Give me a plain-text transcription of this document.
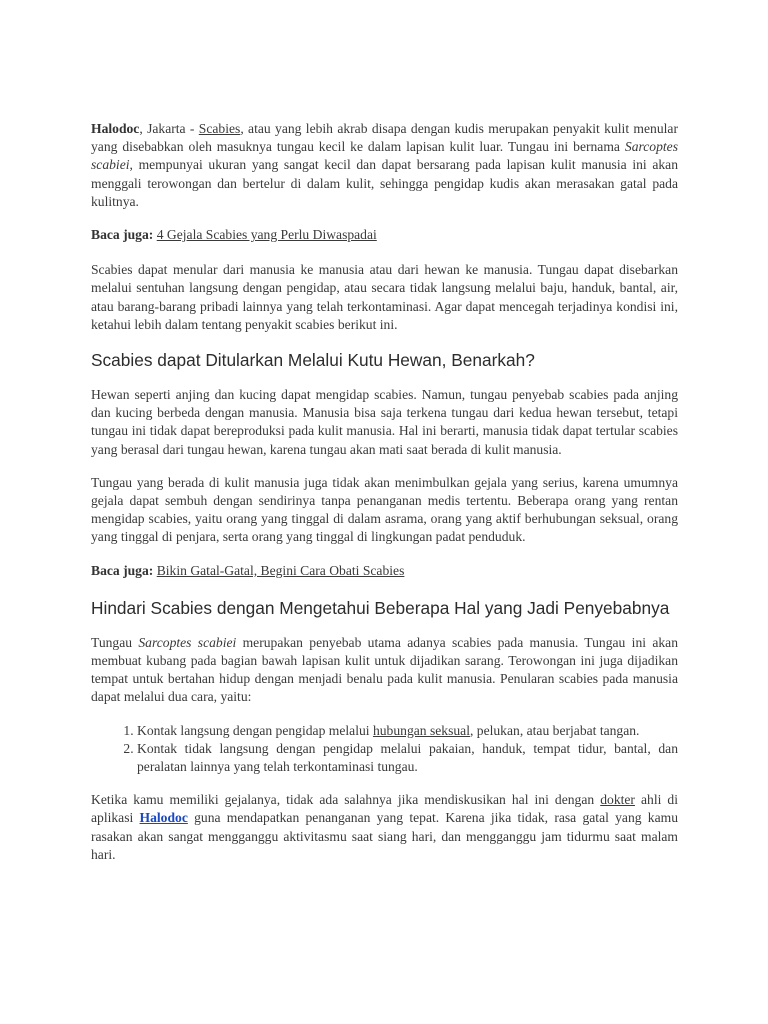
Halodoc, Jakarta - Scabies, atau yang lebih akrab disapa dengan kudis merupakan penyakit kulit menular yang disebabkan oleh masuknya tungau kecil ke dalam lapisan kulit luar. Tungau ini bernama Sarcoptes scabiei, mempunyai ukuran yang sangat kecil dan dapat bersarang pada lapisan kulit manusia ini akan menggali terowongan dan bertelur di dalam kulit, sehingga pengidap kudis akan merasakan gatal pada kulitnya.

Baca juga: 4 Gejala Scabies yang Perlu Diwaspadai

Scabies dapat menular dari manusia ke manusia atau dari hewan ke manusia. Tungau dapat disebarkan melalui sentuhan langsung dengan pengidap, atau secara tidak langsung melalui baju, handuk, bantal, air, atau barang-barang pribadi lainnya yang telah terkontaminasi. Agar dapat mencegah terjadinya kondisi ini, ketahui lebih dalam tentang penyakit scabies berikut ini.

Scabies dapat Ditularkan Melalui Kutu Hewan, Benarkah?

Hewan seperti anjing dan kucing dapat mengidap scabies. Namun, tungau penyebab scabies pada anjing dan kucing berbeda dengan manusia. Manusia bisa saja terkena tungau dari kedua hewan tersebut, tetapi tungau ini tidak dapat bereproduksi pada kulit manusia. Hal ini berarti, manusia tidak dapat tertular scabies yang berasal dari tungau hewan, karena tungau akan mati saat berada di kulit manusia.

Tungau yang berada di kulit manusia juga tidak akan menimbulkan gejala yang serius, karena umumnya gejala dapat sembuh dengan sendirinya tanpa penanganan medis tertentu. Beberapa orang yang rentan mengidap scabies, yaitu orang yang tinggal di dalam asrama, orang yang aktif berhubungan seksual, orang yang tinggal di penjara, serta orang yang tinggal di lingkungan padat penduduk.

Baca juga: Bikin Gatal-Gatal, Begini Cara Obati Scabies

Hindari Scabies dengan Mengetahui Beberapa Hal yang Jadi Penyebabnya

Tungau Sarcoptes scabiei merupakan penyebab utama adanya scabies pada manusia. Tungau ini akan membuat kubang pada bagian bawah lapisan kulit untuk dijadikan sarang. Terowongan ini juga dijadikan tempat untuk bertahan hidup dengan menjadi benalu pada kulit manusia. Penularan scabies pada manusia dapat melalui dua cara, yaitu:

1. Kontak langsung dengan pengidap melalui hubungan seksual, pelukan, atau berjabat tangan.
2. Kontak tidak langsung dengan pengidap melalui pakaian, handuk, tempat tidur, bantal, dan peralatan lainnya yang telah terkontaminasi tungau.

Ketika kamu memiliki gejalanya, tidak ada salahnya jika mendiskusikan hal ini dengan dokter ahli di aplikasi Halodoc guna mendapatkan penanganan yang tepat. Karena jika tidak, rasa gatal yang kamu rasakan akan sangat mengganggu aktivitasmu saat siang hari, dan mengganggu jam tidurmu saat malam hari.
